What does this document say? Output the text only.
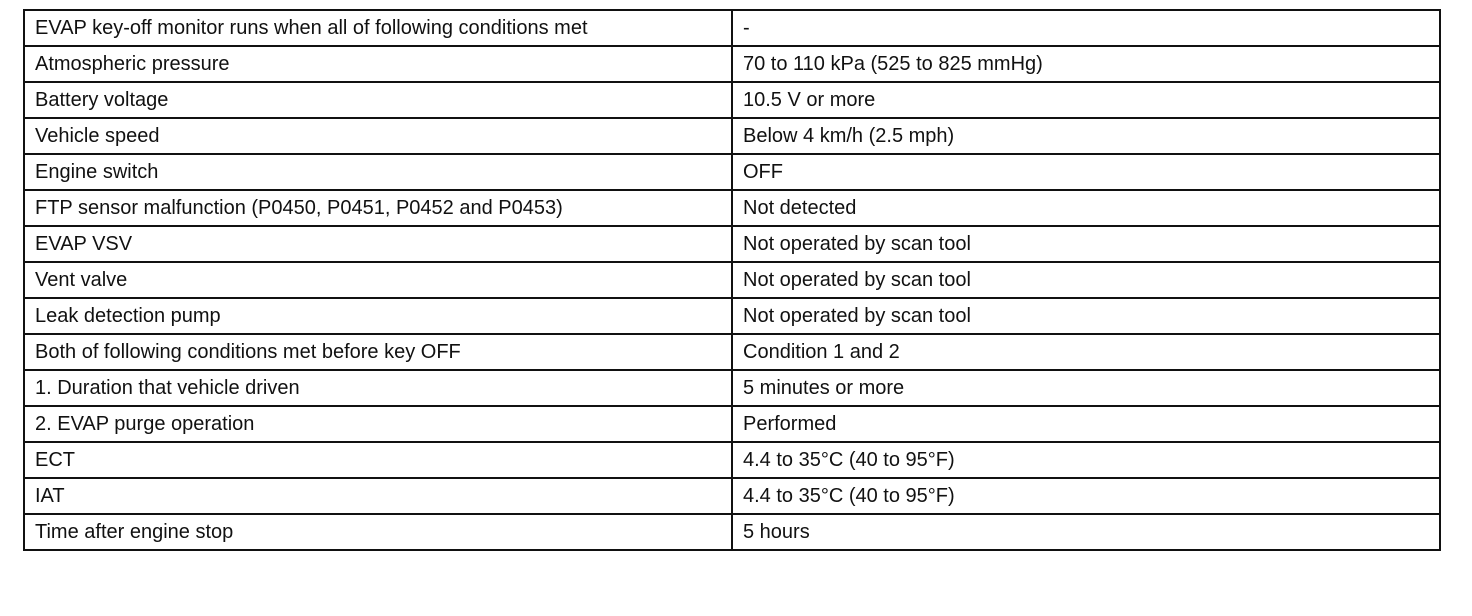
EVAP key-off monitor runs when all of following conditions met	-
Atmospheric pressure	70 to 110 kPa (525 to 825 mmHg)
Battery voltage	10.5 V or more
Vehicle speed	Below 4 km/h (2.5 mph)
Engine switch	OFF
FTP sensor malfunction (P0450, P0451, P0452 and P0453)	Not detected
EVAP VSV	Not operated by scan tool
Vent valve	Not operated by scan tool
Leak detection pump	Not operated by scan tool
Both of following conditions met before key OFF	Condition 1 and 2
1. Duration that vehicle driven	5 minutes or more
2. EVAP purge operation	Performed
ECT	4.4 to 35°C (40 to 95°F)
IAT	4.4 to 35°C (40 to 95°F)
Time after engine stop	5 hours
